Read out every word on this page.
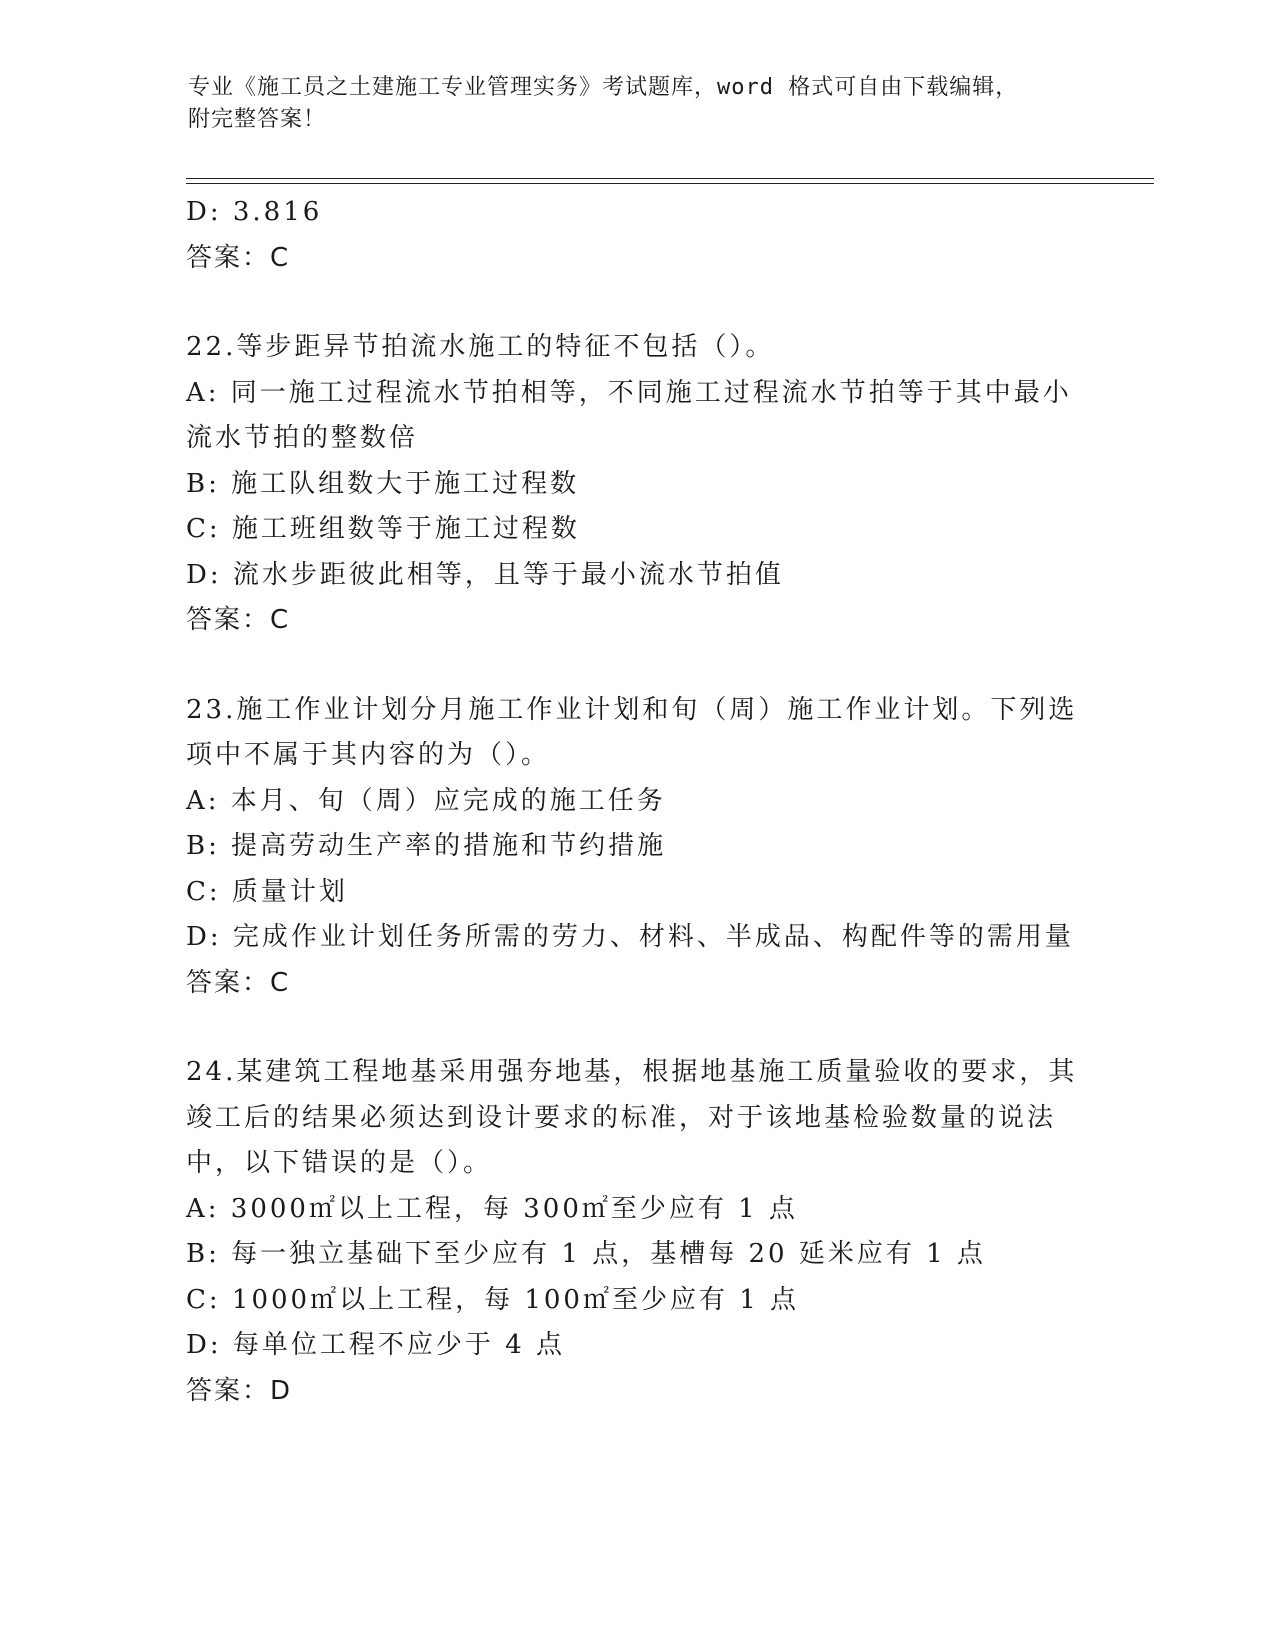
专业《施工员之土建施工专业管理实务》考试题库，word 格式可自由下载编辑，
附完整答案！
D: 3.816
答案：C
22.等步距异节拍流水施工的特征不包括（）。
A: 同一施工过程流水节拍相等，不同施工过程流水节拍等于其中最小
流水节拍的整数倍
B: 施工队组数大于施工过程数
C: 施工班组数等于施工过程数
D: 流水步距彼此相等，且等于最小流水节拍值
答案：C
23.施工作业计划分月施工作业计划和旬（周）施工作业计划。下列选
项中不属于其内容的为（）。
A: 本月、旬（周）应完成的施工任务
B: 提高劳动生产率的措施和节约措施
C: 质量计划
D: 完成作业计划任务所需的劳力、材料、半成品、构配件等的需用量
答案：C
24.某建筑工程地基采用强夯地基，根据地基施工质量验收的要求，其
竣工后的结果必须达到设计要求的标准，对于该地基检验数量的说法
中，以下错误的是（）。
A: 3000㎡以上工程，每 300㎡至少应有 1 点
B: 每一独立基础下至少应有 1 点，基槽每 20 延米应有 1 点
C: 1000㎡以上工程，每 100㎡至少应有 1 点
D: 每单位工程不应少于 4 点
答案：D
